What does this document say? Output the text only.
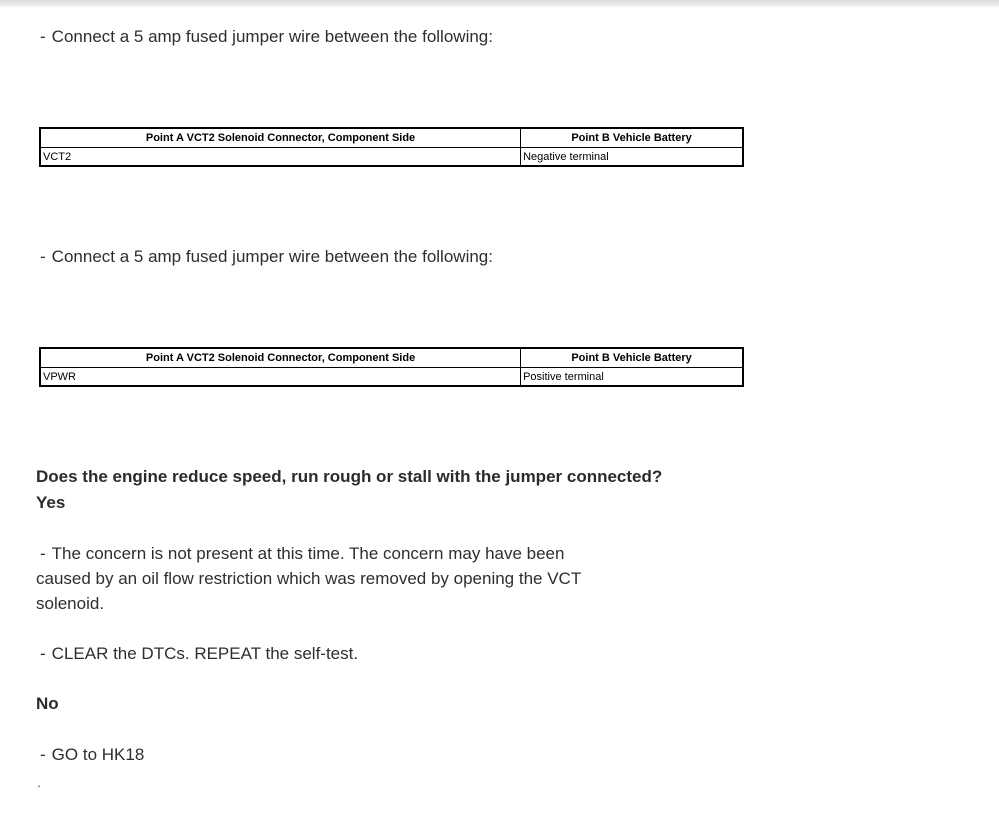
- Connect a 5 amp fused jumper wire between the following:
Point A VCT2 Solenoid Connector, Component Side	Point B Vehicle Battery
VCT2	Negative terminal
- Connect a 5 amp fused jumper wire between the following:
Point A VCT2 Solenoid Connector, Component Side	Point B Vehicle Battery
VPWR	Positive terminal
Does the engine reduce speed, run rough or stall with the jumper connected?
Yes
- The concern is not present at this time. The concern may have been caused by an oil flow restriction which was removed by opening the VCT solenoid.
- CLEAR the DTCs. REPEAT the self-test.
No
- GO to HK18
.
